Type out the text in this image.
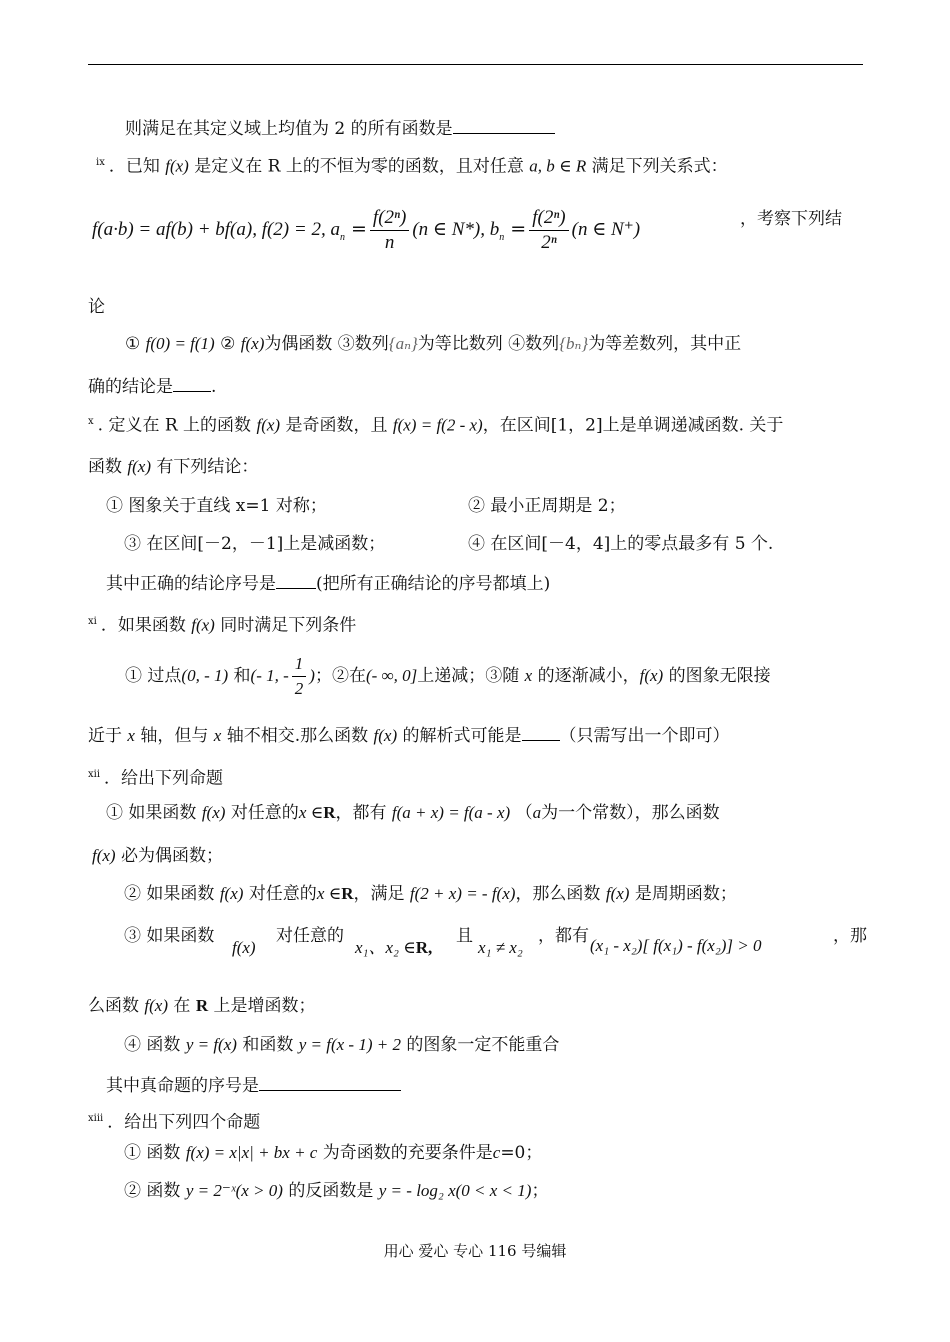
则满足在其定义域上均值为 2 的所有函数是
$^{ix}$ ．已知 f(x) 是定义在 R 上的不恒为零的函数，且对任意 a, b ∈ R 满足下列关系式：
f(a·b) = af(b) + bf(a), f(2) = 2, $a_n = \frac{\text{f(2ⁿ)}}{n} (n$ ∈ N*), $b_n = \frac{\text{f(2ⁿ)}}{\text{2ⁿ}} (n$ ∈ N⁺)	，考察下列结
论
① f(0) = f(1) ② f(x)为偶函数 ③数列{aₙ}为等比数列 ④数列{bₙ}为等差数列，其中正
确的结论是 .
$^x$ . 定义在 R 上的函数 f(x) 是奇函数，且 f(x) = f(2 - x)，在区间[1，2]上是单调递减函数. 关于
函数 f(x) 有下列结论：
① 图象关于直线 x=1 对称；	② 最小正周期是 2；
③ 在区间[－2，－1]上是减函数；	④ 在区间[－4，4]上的零点最多有 5 个.
其中正确的结论序号是 (把所有正确结论的序号都填上)
$^{xi}$ ．如果函数 f(x) 同时满足下列条件
① 过点(0, - 1) 和(- 1, - $\frac{1}{2}$ )；②在(- ∞, 0]上递减；③随 x 的逐渐减小，f(x) 的图象无限接
近于 x 轴，但与 x 轴不相交.那么函数 f(x) 的解析式可能是 （只需写出一个即可）
$^{xii}$ ．给出下列命题
① 如果函数 f(x) 对任意的x ∈R，都有 f(a + x) = f(a - x) （a为一个常数），那么函数
f(x) 必为偶函数；
② 如果函数 f(x) 对任意的x ∈R，满足 f(2 + x) = - f(x)，那么函数 f(x) 是周期函数；
③ 如果函数
f(x)
对任意的
x₁、x₂ ∈R,
且
x₁ ≠ x₂
，都有 (x₁ - x₂)[ f(x₁) - f(x₂)] > 0	，那
么函数 f(x) 在 R 上是增函数；
④ 函数 y = f(x) 和函数 y = f(x - 1) + 2 的图象一定不能重合
其中真命题的序号是
$^{xiii}$ ．给出下列四个命题
① 函数 f(x) = x|x| + bx + c 为奇函数的充要条件是c=0；
② 函数 y = 2⁻ˣ(x > 0) 的反函数是 y = - log₂ x(0 < x < 1)；
用心 爱心 专心 116 号编辑
